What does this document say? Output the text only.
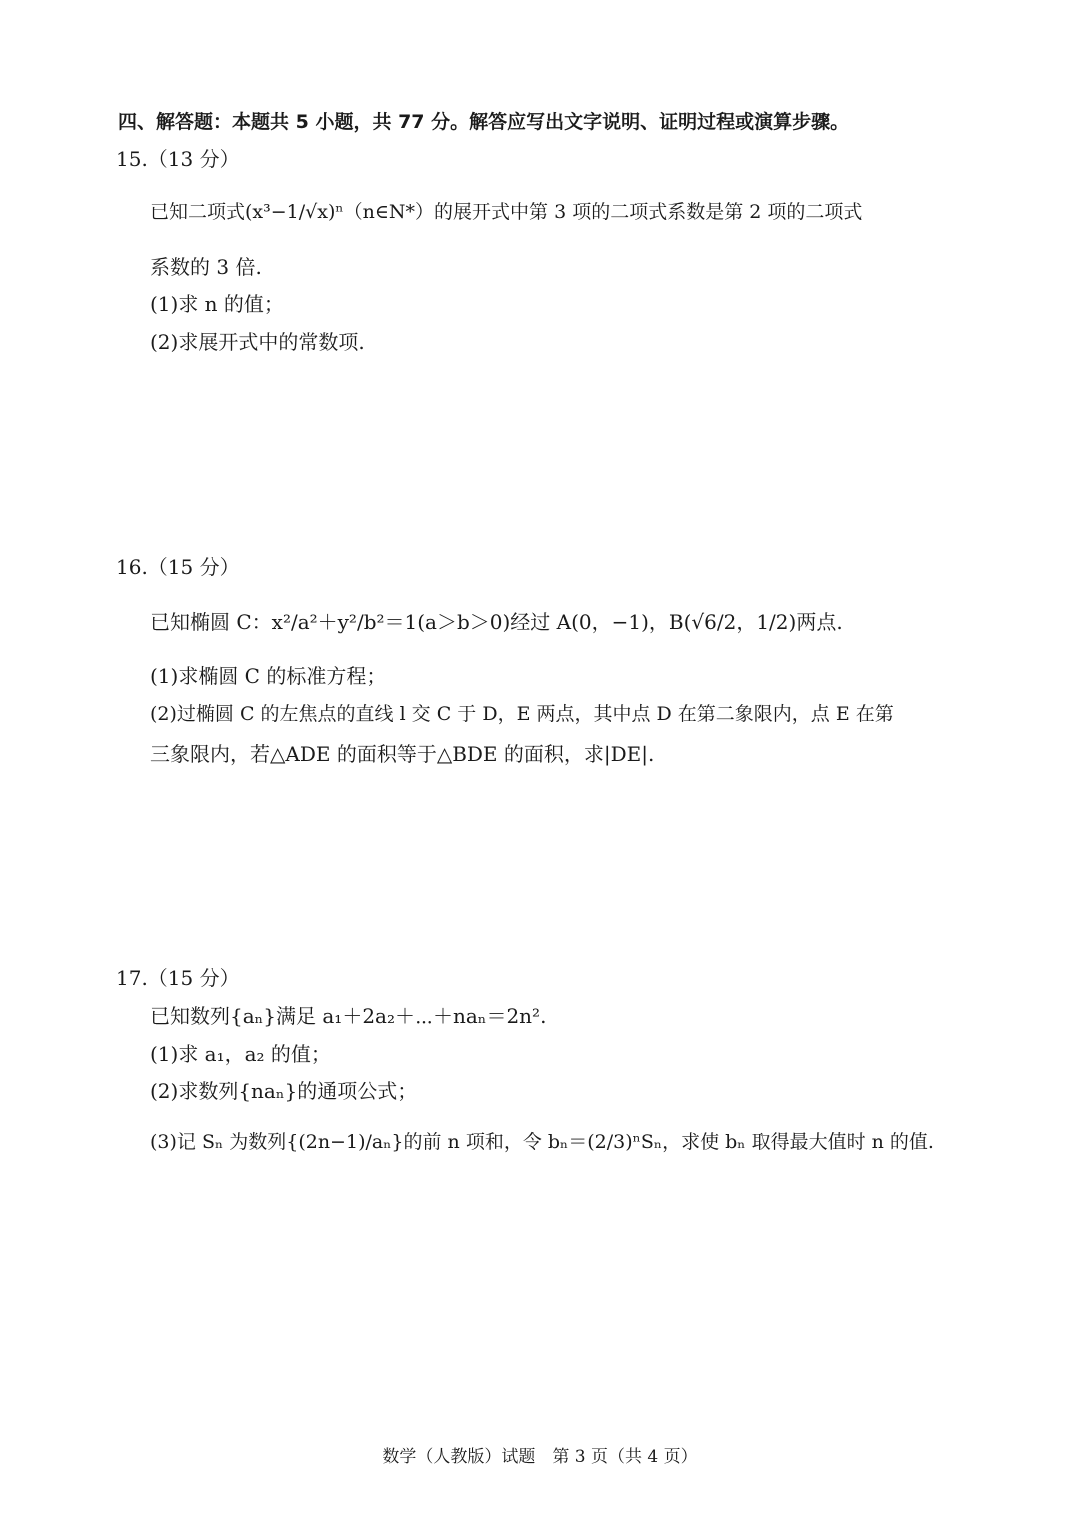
四、解答题：本题共 5 小题，共 77 分。解答应写出文字说明、证明过程或演算步骤。
15.（13 分）
已知二项式(x³−1/√x)ⁿ（n∈N*）的展开式中第 3 项的二项式系数是第 2 项的二项式
系数的 3 倍.
(1)求 n 的值；
(2)求展开式中的常数项.
16.（15 分）
已知椭圆 C：x²/a²＋y²/b²＝1(a＞b＞0)经过 A(0，−1)，B(√6/2，1/2)两点.
(1)求椭圆 C 的标准方程；
(2)过椭圆 C 的左焦点的直线 l 交 C 于 D，E 两点，其中点 D 在第二象限内，点 E 在第
三象限内，若△ADE 的面积等于△BDE 的面积，求|DE|.
17.（15 分）
已知数列{aₙ}满足 a₁＋2a₂＋⋯＋naₙ＝2n².
(1)求 a₁，a₂ 的值；
(2)求数列{naₙ}的通项公式；
(3)记 Sₙ 为数列{(2n−1)/aₙ}的前 n 项和，令 bₙ＝(2/3)ⁿSₙ，求使 bₙ 取得最大值时 n 的值.
数学（人教版）试题　第 3 页（共 4 页）
